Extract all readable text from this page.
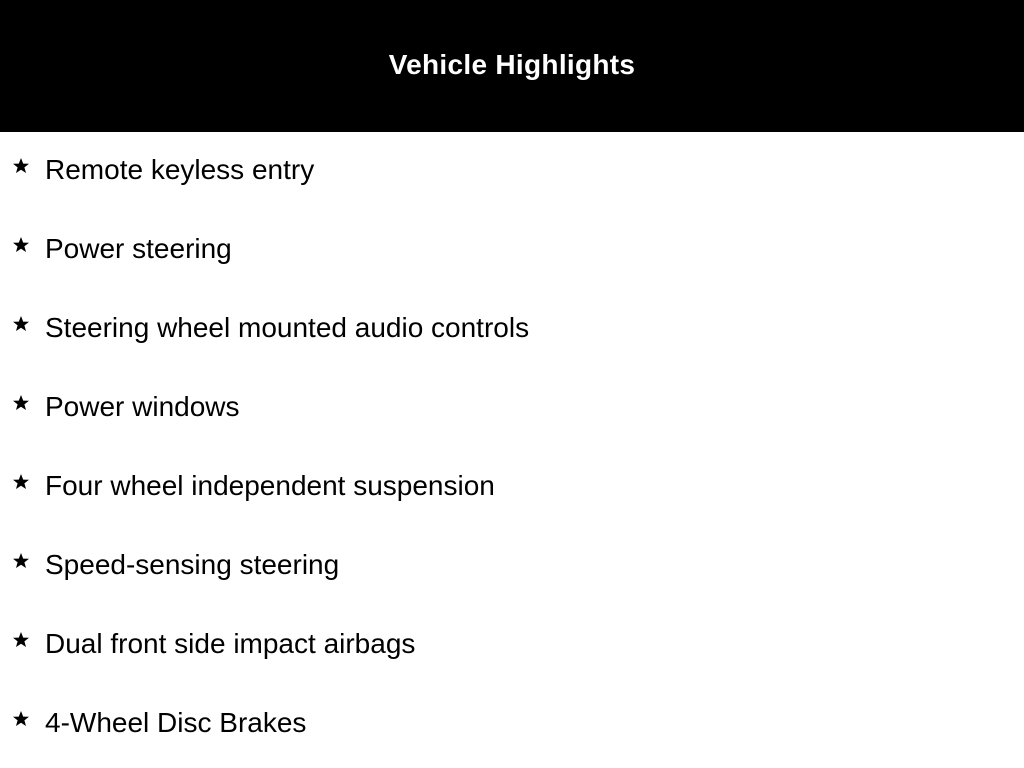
Vehicle Highlights
Remote keyless entry
Power steering
Steering wheel mounted audio controls
Power windows
Four wheel independent suspension
Speed-sensing steering
Dual front side impact airbags
4-Wheel Disc Brakes
